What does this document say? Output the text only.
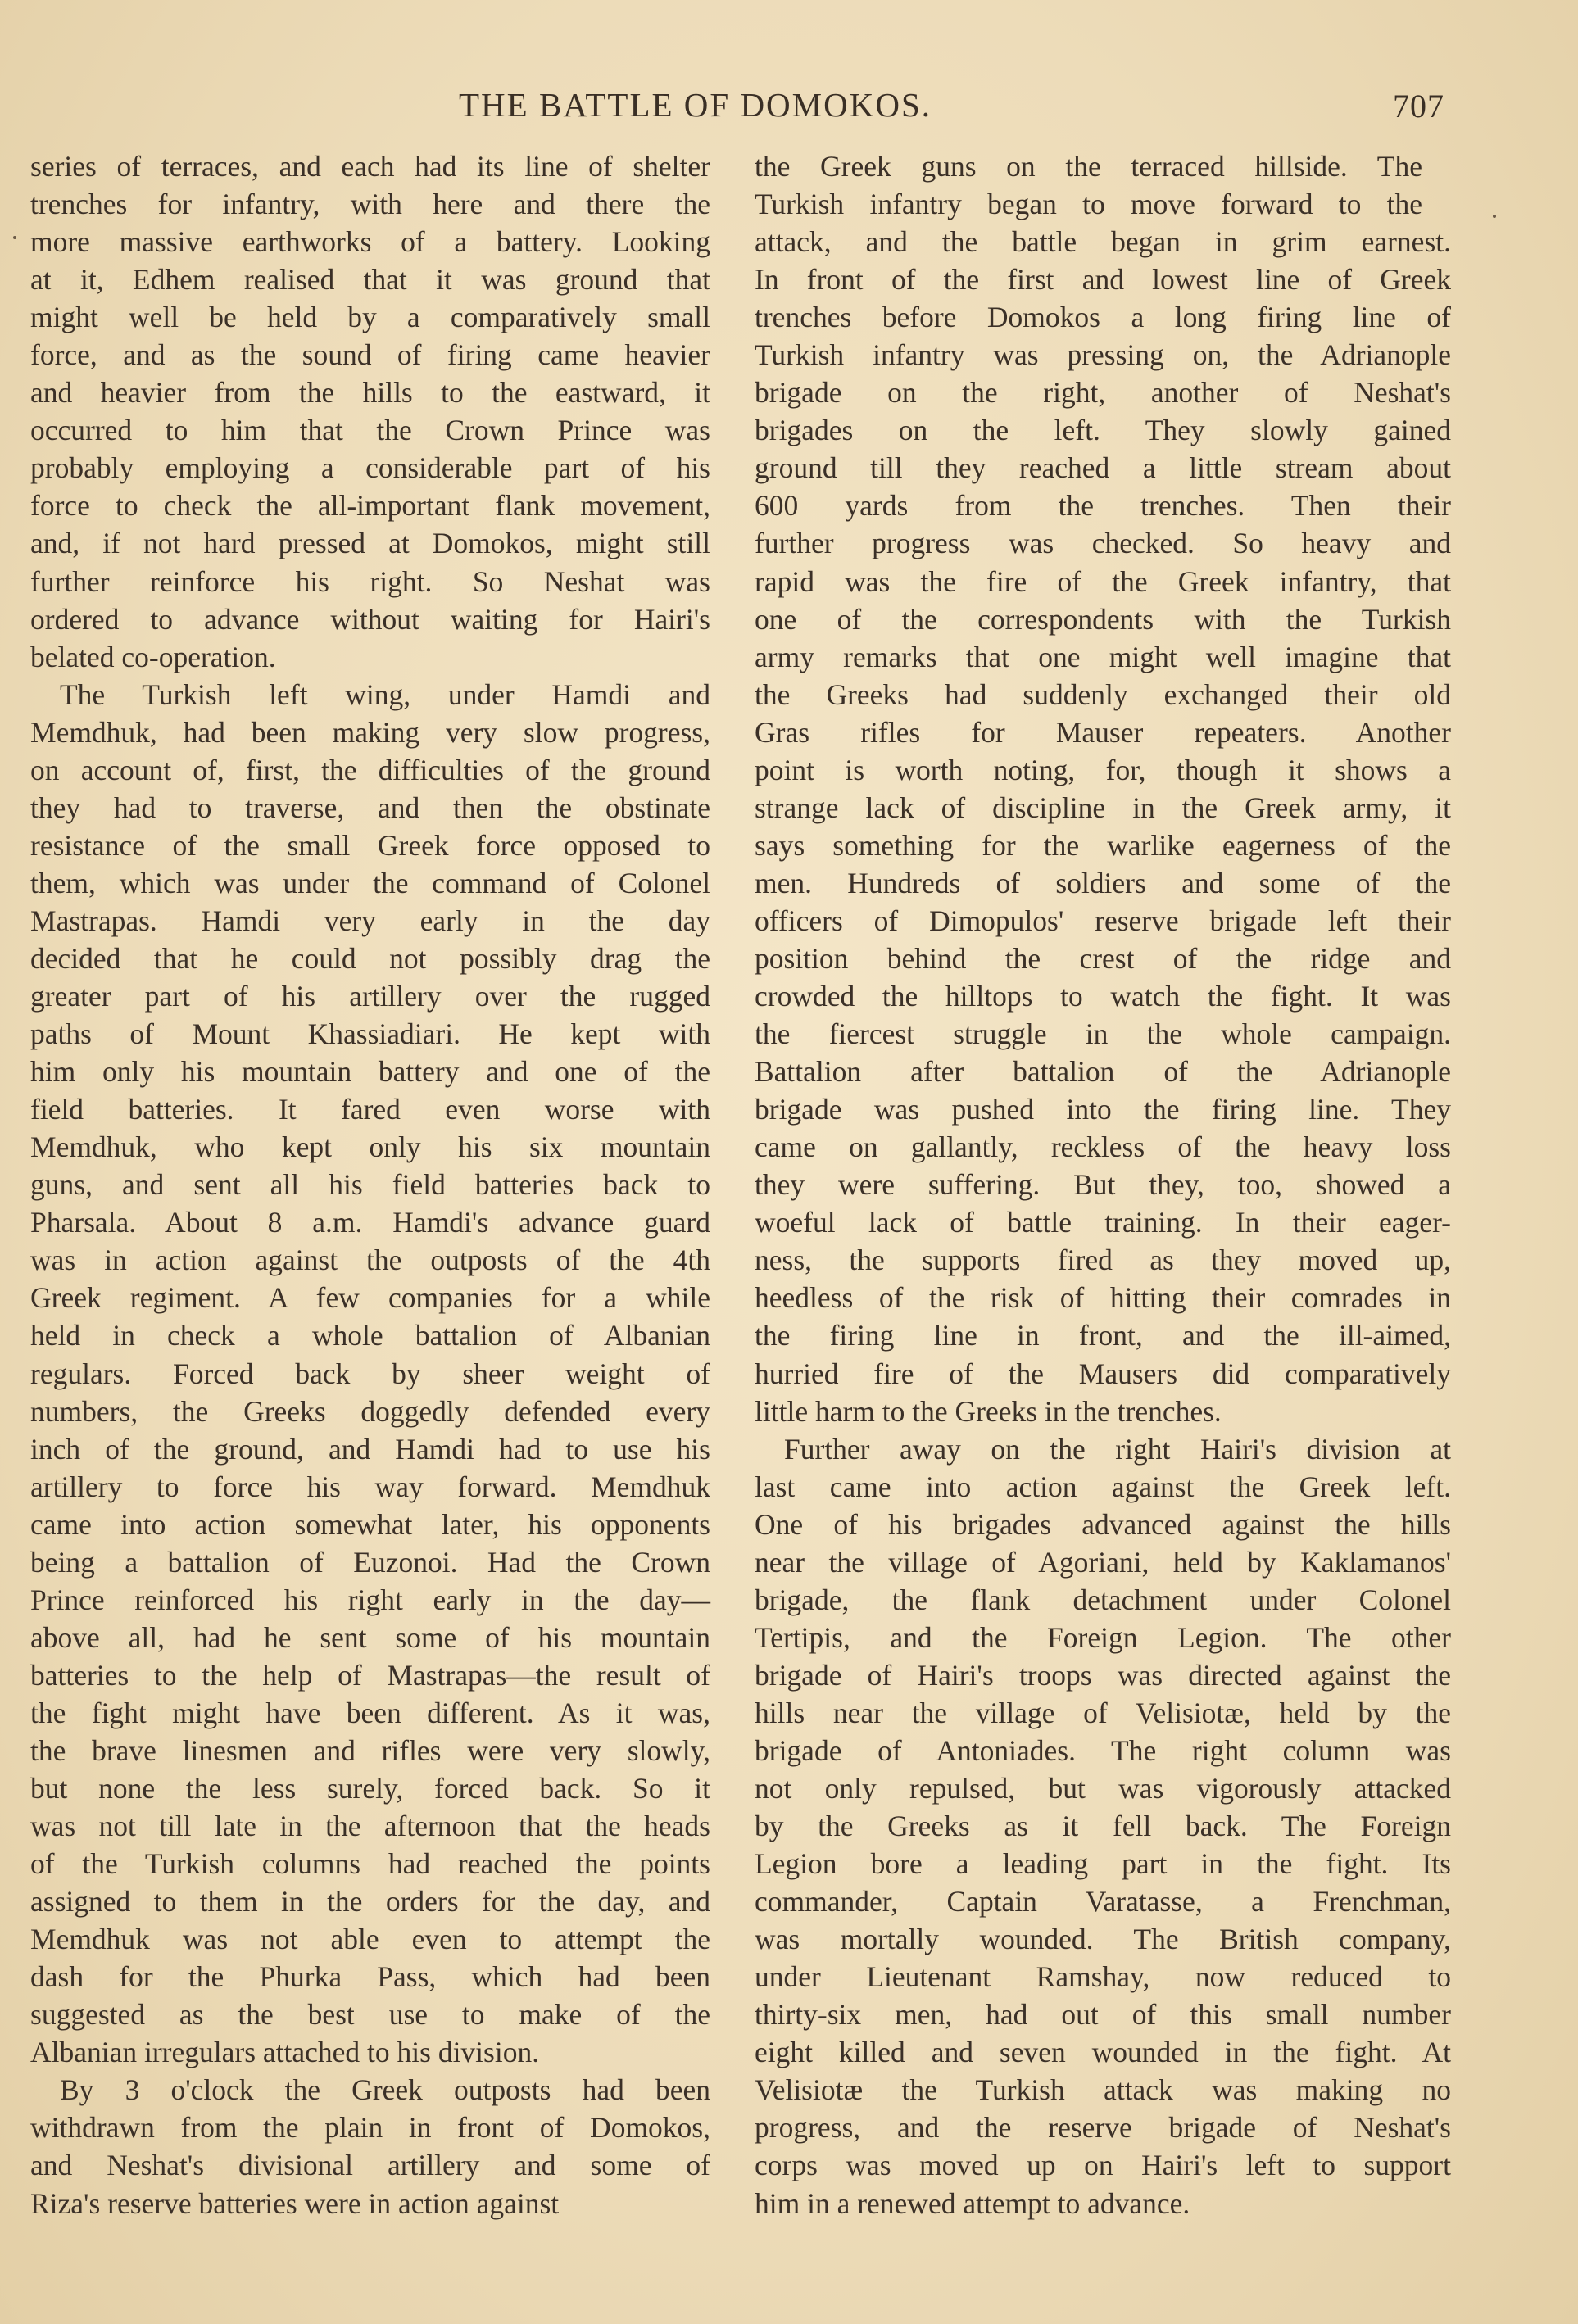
THE BATTLE OF DOMOKOS.	707
series of terraces, and each had its line of shelter
trenches for infantry, with here and there the
more massive earthworks of a battery. Looking
at it, Edhem realised that it was ground that
might well be held by a comparatively small
force, and as the sound of firing came heavier
and heavier from the hills to the eastward, it
occurred to him that the Crown Prince was
probably employing a considerable part of his
force to check the all-important flank movement,
and, if not hard pressed at Domokos, might still
further reinforce his right. So Neshat was
ordered to advance without waiting for Hairi's
belated co-operation.
The Turkish left wing, under Hamdi and
Memdhuk, had been making very slow progress,
on account of, first, the difficulties of the ground
they had to traverse, and then the obstinate
resistance of the small Greek force opposed to
them, which was under the command of Colonel
Mastrapas. Hamdi very early in the day
decided that he could not possibly drag the
greater part of his artillery over the rugged
paths of Mount Khassiadiari. He kept with
him only his mountain battery and one of the
field batteries. It fared even worse with
Memdhuk, who kept only his six mountain
guns, and sent all his field batteries back to
Pharsala. About 8 a.m. Hamdi's advance guard
was in action against the outposts of the 4th
Greek regiment. A few companies for a while
held in check a whole battalion of Albanian
regulars. Forced back by sheer weight of
numbers, the Greeks doggedly defended every
inch of the ground, and Hamdi had to use his
artillery to force his way forward. Memdhuk
came into action somewhat later, his opponents
being a battalion of Euzonoi. Had the Crown
Prince reinforced his right early in the day—
above all, had he sent some of his mountain
batteries to the help of Mastrapas—the result of
the fight might have been different. As it was,
the brave linesmen and rifles were very slowly,
but none the less surely, forced back. So it
was not till late in the afternoon that the heads
of the Turkish columns had reached the points
assigned to them in the orders for the day, and
Memdhuk was not able even to attempt the
dash for the Phurka Pass, which had been
suggested as the best use to make of the
Albanian irregulars attached to his division.
By 3 o'clock the Greek outposts had been
withdrawn from the plain in front of Domokos,
and Neshat's divisional artillery and some of
Riza's reserve batteries were in action against
the Greek guns on the terraced hillside. The
Turkish infantry began to move forward to the
attack, and the battle began in grim earnest.
In front of the first and lowest line of Greek
trenches before Domokos a long firing line of
Turkish infantry was pressing on, the Adrianople
brigade on the right, another of Neshat's
brigades on the left. They slowly gained
ground till they reached a little stream about
600 yards from the trenches. Then their
further progress was checked. So heavy and
rapid was the fire of the Greek infantry, that
one of the correspondents with the Turkish
army remarks that one might well imagine that
the Greeks had suddenly exchanged their old
Gras rifles for Mauser repeaters. Another
point is worth noting, for, though it shows a
strange lack of discipline in the Greek army, it
says something for the warlike eagerness of the
men. Hundreds of soldiers and some of the
officers of Dimopulos' reserve brigade left their
position behind the crest of the ridge and
crowded the hilltops to watch the fight. It was
the fiercest struggle in the whole campaign.
Battalion after battalion of the Adrianople
brigade was pushed into the firing line. They
came on gallantly, reckless of the heavy loss
they were suffering. But they, too, showed a
woeful lack of battle training. In their eager-
ness, the supports fired as they moved up,
heedless of the risk of hitting their comrades in
the firing line in front, and the ill-aimed,
hurried fire of the Mausers did comparatively
little harm to the Greeks in the trenches.
Further away on the right Hairi's division at
last came into action against the Greek left.
One of his brigades advanced against the hills
near the village of Agoriani, held by Kaklamanos'
brigade, the flank detachment under Colonel
Tertipis, and the Foreign Legion. The other
brigade of Hairi's troops was directed against the
hills near the village of Velisiotæ, held by the
brigade of Antoniades. The right column was
not only repulsed, but was vigorously attacked
by the Greeks as it fell back. The Foreign
Legion bore a leading part in the fight. Its
commander, Captain Varatasse, a Frenchman,
was mortally wounded. The British company,
under Lieutenant Ramshay, now reduced to
thirty-six men, had out of this small number
eight killed and seven wounded in the fight. At
Velisiotæ the Turkish attack was making no
progress, and the reserve brigade of Neshat's
corps was moved up on Hairi's left to support
him in a renewed attempt to advance.
